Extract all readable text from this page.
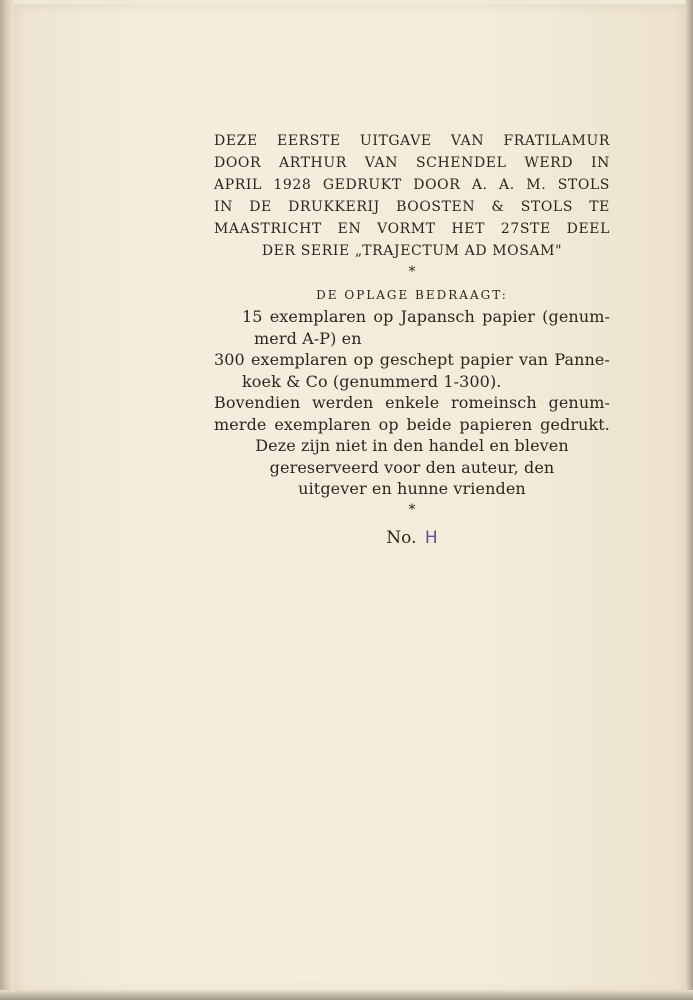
DEZE EERSTE UITGAVE VAN FRATILAMUR
DOOR ARTHUR VAN SCHENDEL WERD IN
APRIL 1928 GEDRUKT DOOR A. A. M. STOLS
IN DE DRUKKERIJ BOOSTEN & STOLS TE
MAASTRICHT EN VORMT HET 27STE DEEL
DER SERIE „TRAJECTUM AD MOSAM"
*
DE OPLAGE BEDRAAGT:
15 exemplaren op Japansch papier (genum-
merd A-P) en
300 exemplaren op geschept papier van Panne-
koek & Co (genummerd 1-300).
Bovendien werden enkele romeinsch genum-
merde exemplaren op beide papieren gedrukt.
Deze zijn niet in den handel en bleven
gereserveerd voor den auteur, den
uitgever en hunne vrienden
*
No. H
